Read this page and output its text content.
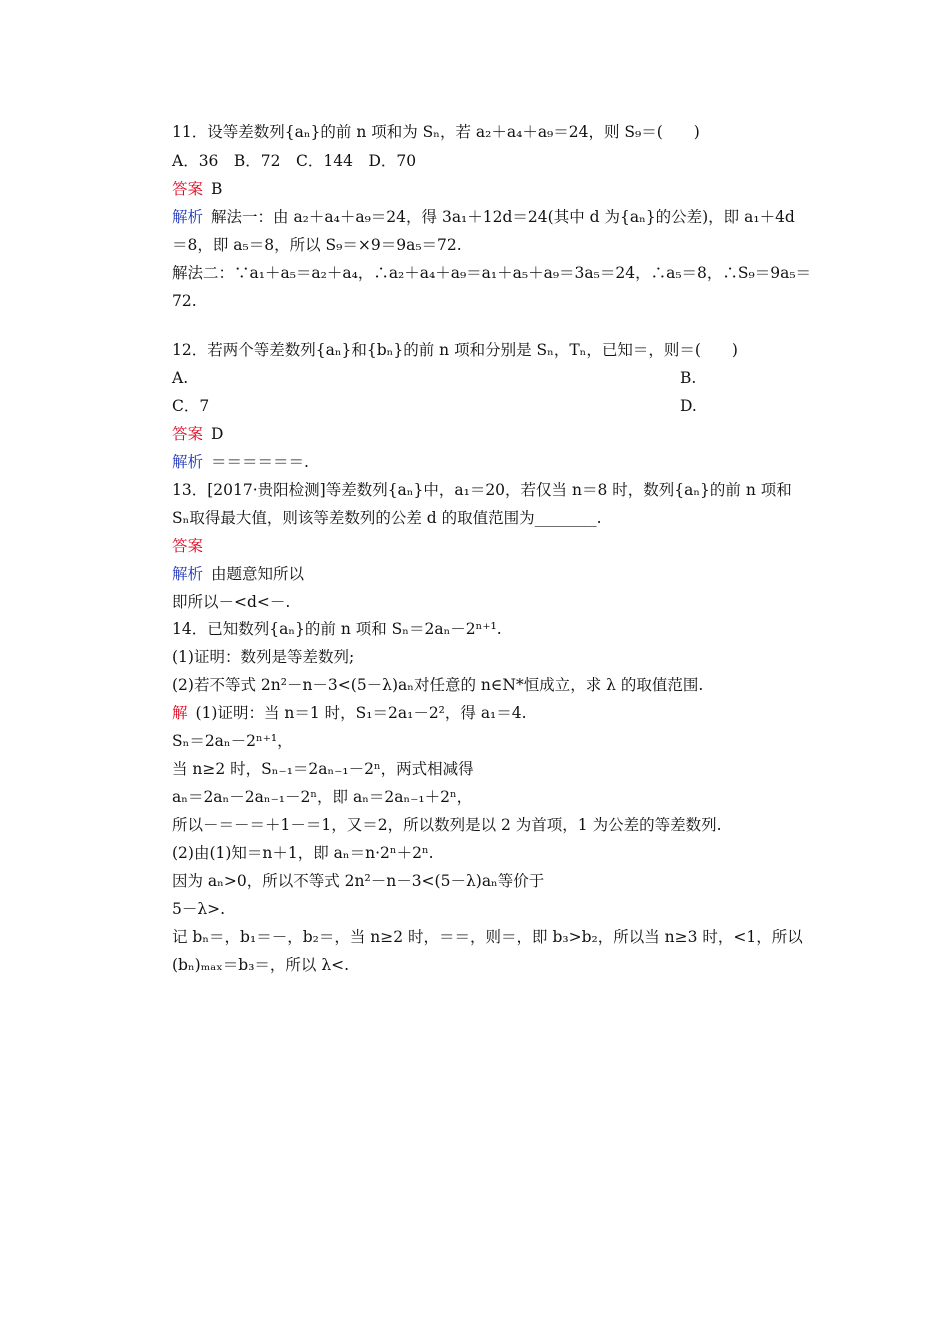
11．设等差数列{aₙ}的前 n 项和为 Sₙ，若 a₂＋a₄＋a₉＝24，则 S₉＝(　　)
A．36　B．72　C．144　D．70
答案 B
解析 解法一：由 a₂＋a₄＋a₉＝24，得 3a₁＋12d＝24(其中 d 为{aₙ}的公差)，即 a₁＋4d
＝8，即 a₅＝8，所以 S₉＝×9＝9a₅＝72.
解法二：∵a₁＋a₅＝a₂＋a₄，∴a₂＋a₄＋a₉＝a₁＋a₅＋a₉＝3a₅＝24，∴a₅＝8，∴S₉＝9a₅＝
72.
12．若两个等差数列{aₙ}和{bₙ}的前 n 项和分别是 Sₙ，Tₙ，已知＝，则＝(　　)
A.	B.
C．7	D.
答案 D
解析 ＝＝＝＝＝＝.
13．[2017·贵阳检测]等差数列{aₙ}中，a₁＝20，若仅当 n＝8 时，数列{aₙ}的前 n 项和
Sₙ取得最大值，则该等差数列的公差 d 的取值范围为________.
答案
解析 由题意知所以
即所以－<d<－.
14．已知数列{aₙ}的前 n 项和 Sₙ＝2aₙ－2ⁿ⁺¹.
(1)证明：数列是等差数列;
(2)若不等式 2n²－n－3<(5－λ)aₙ对任意的 n∈N*恒成立，求 λ 的取值范围.
解 (1)证明：当 n＝1 时，S₁＝2a₁－2²，得 a₁＝4.
Sₙ＝2aₙ－2ⁿ⁺¹，
当 n≥2 时，Sₙ₋₁＝2aₙ₋₁－2ⁿ，两式相减得
aₙ＝2aₙ－2aₙ₋₁－2ⁿ，即 aₙ＝2aₙ₋₁＋2ⁿ，
所以－＝－＝＋1－＝1，又＝2，所以数列是以 2 为首项，1 为公差的等差数列.
(2)由(1)知＝n＋1，即 aₙ＝n·2ⁿ＋2ⁿ.
因为 aₙ>0，所以不等式 2n²－n－3<(5－λ)aₙ等价于
5－λ>.
记 bₙ＝，b₁＝－，b₂＝，当 n≥2 时，＝＝，则＝，即 b₃>b₂，所以当 n≥3 时，<1，所以
(bₙ)ₘₐₓ＝b₃＝，所以 λ<.
